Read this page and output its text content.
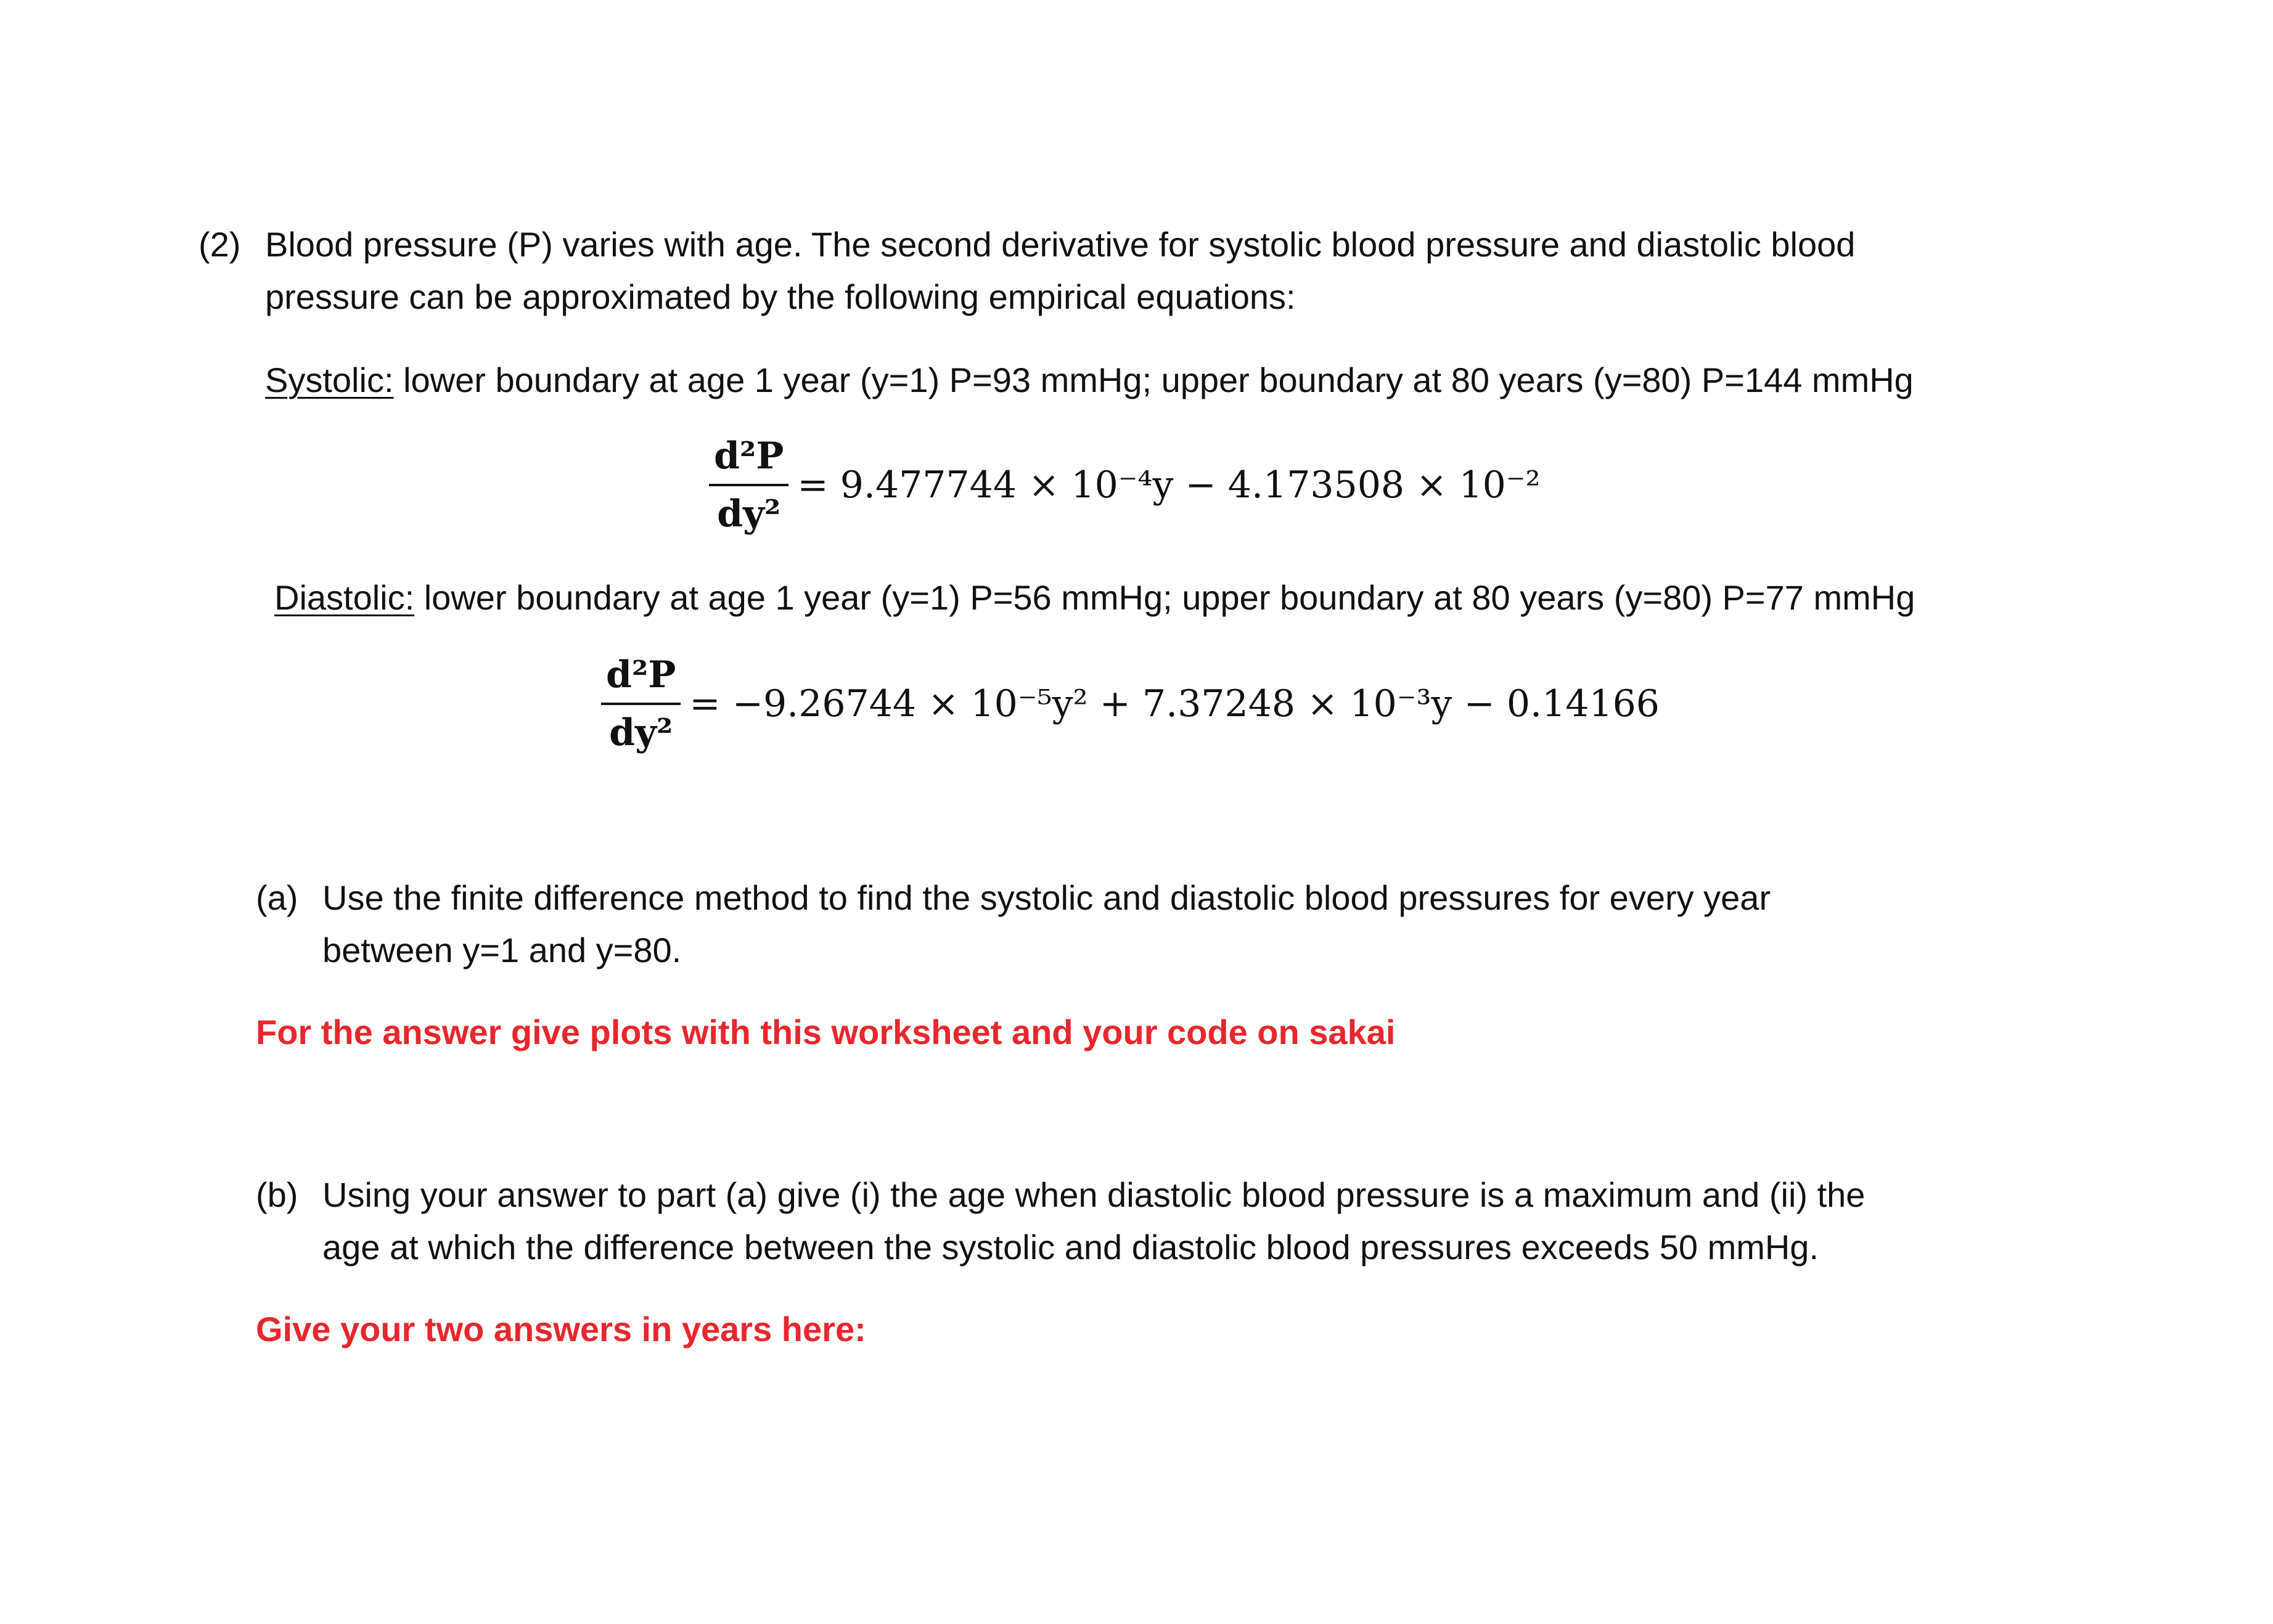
(2) Blood pressure (P) varies with age. The second derivative for systolic blood pressure and diastolic blood
pressure can be approximated by the following empirical equations:
Systolic: lower boundary at age 1 year (y=1) P=93 mmHg; upper boundary at 80 years (y=80) P=144 mmHg
$\frac{\text{d²P}}{\text{dy²}} = 9.477744 \times 10^{-4}y - 4.173508 \times 10^{-2}$
Diastolic: lower boundary at age 1 year (y=1) P=56 mmHg; upper boundary at 80 years (y=80) P=77 mmHg
$\frac{\text{d²P}}{\text{dy²}} = -9.26744 \times 10^{-5}y^2 + 7.37248 \times 10^{-3}y - 0.14166$
(a) Use the finite difference method to find the systolic and diastolic blood pressures for every year
between y=1 and y=80.
For the answer give plots with this worksheet and your code on sakai
(b) Using your answer to part (a) give (i) the age when diastolic blood pressure is a maximum and (ii) the
age at which the difference between the systolic and diastolic blood pressures exceeds 50 mmHg.
Give your two answers in years here:
